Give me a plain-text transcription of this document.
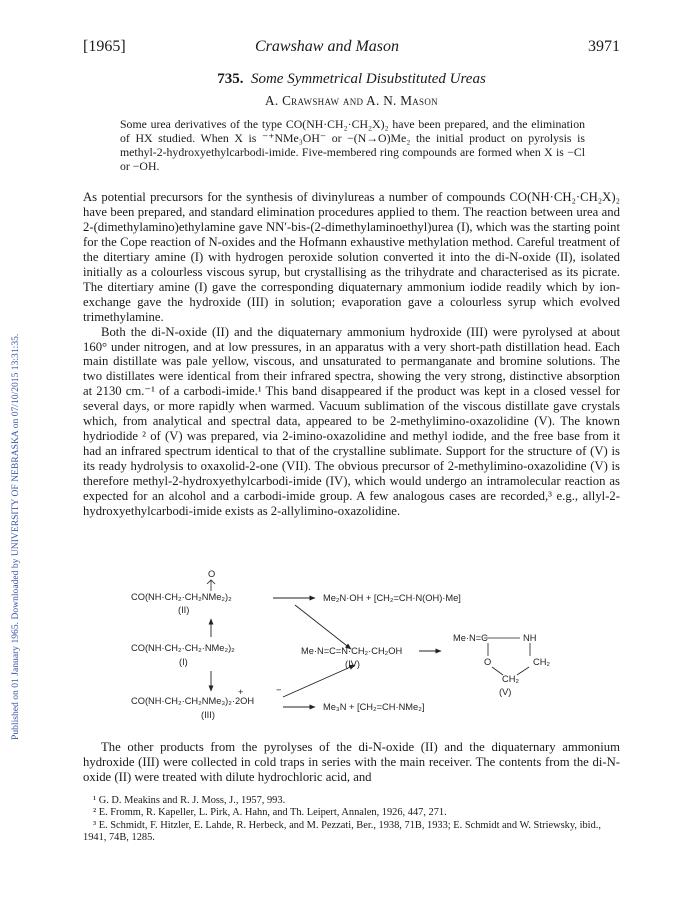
Published on 01 January 1965. Downloaded by UNIVERSITY OF NEBRASKA on 07/10/2015 13:31:35.
[1965]	Crawshaw and Mason	3971
735. Some Symmetrical Disubstituted Ureas
A. Crawshaw and A. N. Mason
Some urea derivatives of the type CO(NH·CH₂·CH₂X)₂ have been prepared, and the elimination of HX studied. When X is ⁻⁺NMe₃OH⁻ or −(N→O)Me₂ the initial product on pyrolysis is methyl-2-hydroxyethylcarbodi-imide. Five-membered ring compounds are formed when X is −Cl or −OH.

As potential precursors for the synthesis of divinylureas a number of compounds CO(NH·CH₂·CH₂X)₂ have been prepared, and standard elimination procedures applied to them. The reaction between urea and 2-(dimethylamino)ethylamine gave NN′-bis-(2-dimethylaminoethyl)urea (I), which was the starting point for the Cope reaction of N-oxides and the Hofmann exhaustive methylation method. Careful treatment of the ditertiary amine (I) with hydrogen peroxide solution converted it into the di-N-oxide (II), isolated initially as a colourless viscous syrup, but crystallising as the trihydrate and characterised as its picrate. The ditertiary amine (I) gave the corresponding diquaternary ammonium iodide readily which by ion-exchange gave the hydroxide (III) in solution; evaporation gave a colourless syrup which evolved trimethylamine.

Both the di-N-oxide (II) and the diquaternary ammonium hydroxide (III) were pyrolysed at about 160° under nitrogen, and at low pressures, in an apparatus with a very short-path distillation head. Each main distillate was pale yellow, viscous, and unsaturated to permanganate and bromine solutions. The two distillates were identical from their infrared spectra, showing the very strong, distinctive absorption at 2130 cm.⁻¹ of a carbodi-imide.¹ This band disappeared if the product was kept in a closed vessel for several days, or more rapidly when warmed. Vacuum sublimation of the viscous distillate gave crystals which, from analytical and spectral data, appeared to be 2-methylimino-oxazolidine (V). The known hydriodide ² of (V) was prepared, via 2-imino-oxazolidine and methyl iodide, and the free base from it had an infrared spectrum identical to that of the crystalline sublimate. Support for the structure of (V) is its ready hydrolysis to oxaxolid-2-one (VII). The obvious precursor of 2-methylimino-oxazolidine (V) is therefore methyl-2-hydroxyethylcarbodi-imide (IV), which would undergo an intramolecular reaction as expected for an alcohol and a carbodi-imide group. A few analogous cases are recorded,³ e.g., allyl-2-hydroxyethylcarbodi-imide exists as 2-allylimino-oxazolidine.

O
CO(NH·CH₂·CH₂NMe₂)₂
(II)
CO(NH·CH₂·CH₂·NMe₂)₂
(I)
+	−
CO(NH·CH₂·CH₂NMe₃)₂·2OH
(III)
Me₂N·OH + [CH₂=CH·N(OH)·Me]
Me·N=C=N·CH₂·CH₂OH
(IV)
Me₃N + [CH₂=CH·NMe₂]
Me·N=C	NH
O	CH₂
CH₂
(V)

The other products from the pyrolyses of the di-N-oxide (II) and the diquaternary ammonium hydroxide (III) were collected in cold traps in series with the main receiver. The contents from the di-N-oxide (II) were treated with dilute hydrochloric acid, and

¹ G. D. Meakins and R. J. Moss, J., 1957, 993.

² E. Fromm, R. Kapeller, L. Pirk, A. Hahn, and Th. Leipert, Annalen, 1926, 447, 271.

³ E. Schmidt, F. Hitzler, E. Lahde, R. Herbeck, and M. Pezzati, Ber., 1938, 71B, 1933; E. Schmidt and W. Striewsky, ibid., 1941, 74B, 1285.
